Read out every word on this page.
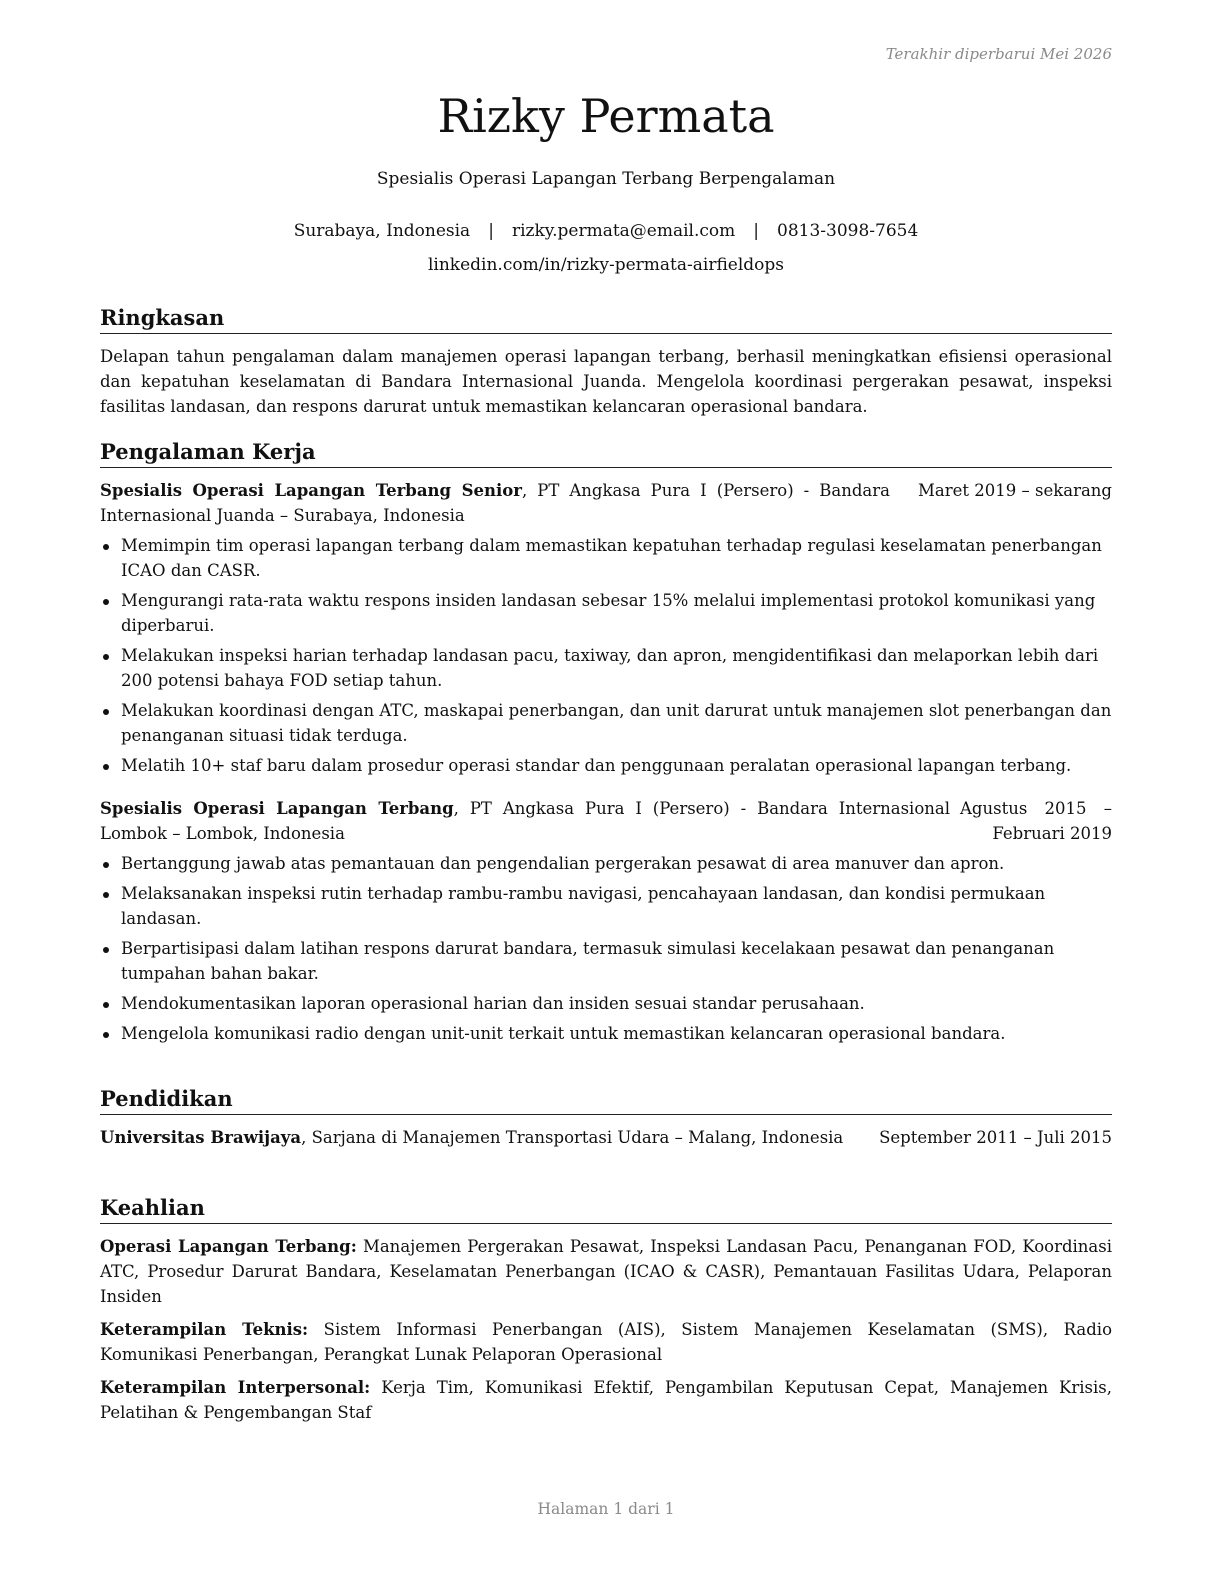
Terakhir diperbarui Mei 2026
Rizky Permata
Spesialis Operasi Lapangan Terbang Berpengalaman
Surabaya, Indonesia | rizky.permata@email.com | 0813-3098-7654
linkedin.com/in/rizky-permata-airfieldops
Ringkasan

Delapan tahun pengalaman dalam manajemen operasi lapangan terbang, berhasil meningkatkan efisiensi operasional dan kepatuhan keselamatan di Bandara Internasional Juanda. Mengelola koordinasi pergerakan pesawat, inspeksi fasilitas landasan, dan respons darurat untuk memastikan kelancaran operasional bandara.

Pengalaman Kerja
Spesialis Operasi Lapangan Terbang Senior, PT Angkasa Pura I (Persero) - Bandara Internasional Juanda – Surabaya, Indonesia
Maret 2019 – sekarang
Memimpin tim operasi lapangan terbang dalam memastikan kepatuhan terhadap regulasi keselamatan penerbangan ICAO dan CASR.
Mengurangi rata-rata waktu respons insiden landasan sebesar 15% melalui implementasi protokol komunikasi yang diperbarui.
Melakukan inspeksi harian terhadap landasan pacu, taxiway, dan apron, mengidentifikasi dan melaporkan lebih dari 200 potensi bahaya FOD setiap tahun.
Melakukan koordinasi dengan ATC, maskapai penerbangan, dan unit darurat untuk manajemen slot penerbangan dan penanganan situasi tidak terduga.
Melatih 10+ staf baru dalam prosedur operasi standar dan penggunaan peralatan operasional lapangan terbang.
Spesialis Operasi Lapangan Terbang, PT Angkasa Pura I (Persero) - Bandara Internasional Lombok – Lombok, Indonesia
Agustus 2015 – Februari 2019
Bertanggung jawab atas pemantauan dan pengendalian pergerakan pesawat di area manuver dan apron.
Melaksanakan inspeksi rutin terhadap rambu-rambu navigasi, pencahayaan landasan, dan kondisi permukaan landasan.
Berpartisipasi dalam latihan respons darurat bandara, termasuk simulasi kecelakaan pesawat dan penanganan tumpahan bahan bakar.
Mendokumentasikan laporan operasional harian dan insiden sesuai standar perusahaan.
Mengelola komunikasi radio dengan unit-unit terkait untuk memastikan kelancaran operasional bandara.
Pendidikan
Universitas Brawijaya, Sarjana di Manajemen Transportasi Udara – Malang, Indonesia	September 2011 – Juli 2015
Keahlian

Operasi Lapangan Terbang: Manajemen Pergerakan Pesawat, Inspeksi Landasan Pacu, Penanganan FOD, Koordinasi ATC, Prosedur Darurat Bandara, Keselamatan Penerbangan (ICAO & CASR), Pemantauan Fasilitas Udara, Pelaporan Insiden

Keterampilan Teknis: Sistem Informasi Penerbangan (AIS), Sistem Manajemen Keselamatan (SMS), Radio Komunikasi Penerbangan, Perangkat Lunak Pelaporan Operasional

Keterampilan Interpersonal: Kerja Tim, Komunikasi Efektif, Pengambilan Keputusan Cepat, Manajemen Krisis, Pelatihan & Pengembangan Staf

Halaman 1 dari 1
